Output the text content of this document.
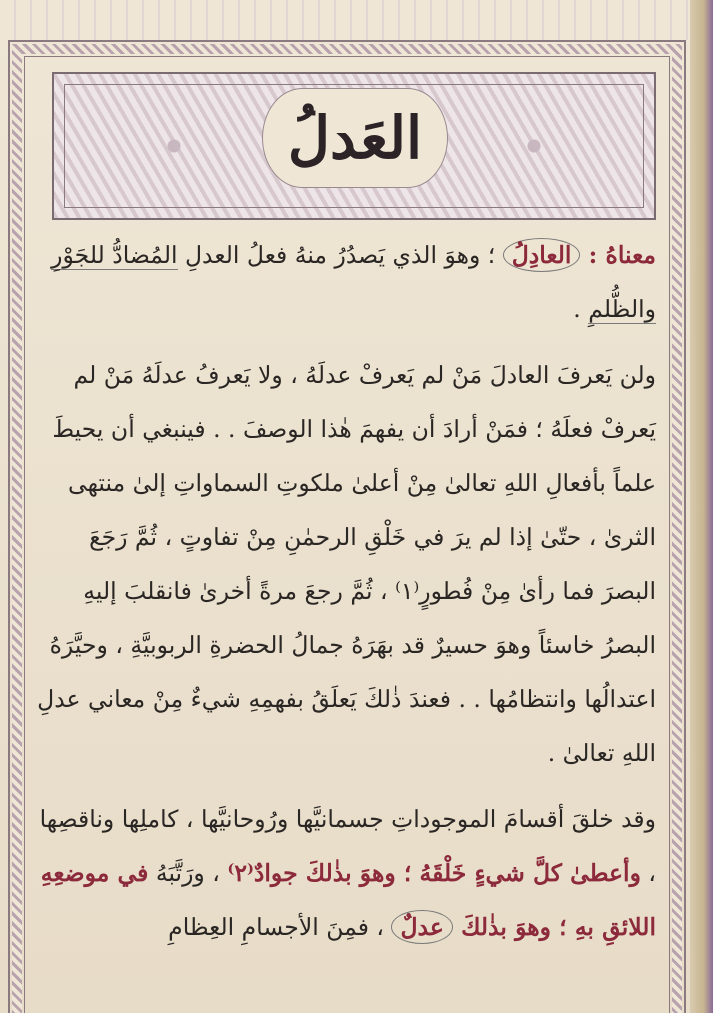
العَدلُ

معناهُ : العادِلُ ؛ وهوَ الذي يَصدُرُ منهُ فعلُ العدلِ المُضادُّ للجَوْرِ والظُّلمِ .

ولن يَعرفَ العادلَ مَنْ لم يَعرفْ عدلَهُ ، ولا يَعرفُ عدلَهُ مَنْ لم يَعرفْ فعلَهُ ؛ فمَنْ أرادَ أن يفهمَ هٰذا الوصفَ . . فينبغي أن يحيطَ علماً بأفعالِ اللهِ تعالىٰ مِنْ أعلىٰ ملكوتِ السماواتِ إلىٰ منتهى الثرىٰ ، حتّىٰ إذا لم يرَ في خَلْقِ الرحمٰنِ مِنْ تفاوتٍ ، ثُمَّ رَجَعَ البصرَ فما رأىٰ مِنْ فُطورٍ⁽١⁾ ، ثُمَّ رجعَ مرةً أخرىٰ فانقلبَ إليهِ البصرُ خاسئاً وهوَ حسيرٌ قد بهَرَهُ جمالُ الحضرةِ الربوبيَّةِ ، وحيَّرَهُ اعتدالُها وانتظامُها . . فعندَ ذٰلكَ يَعلَقُ بفهمِهِ شيءٌ مِنْ معاني عدلِ اللهِ تعالىٰ .

وقد خلقَ أقسامَ الموجوداتِ جسمانيَّها ورُوحانيَّها ، كاملِها وناقصِها ، وأعطىٰ كلَّ شيءٍ خَلْقَهُ ؛ وهوَ بذٰلكَ جوادٌ⁽٢⁾ ، ورَتَّبَهُ في موضعِهِ اللائقِ بهِ ؛ وهوَ بذٰلكَ عدلٌ ، فمِنَ الأجسامِ العِظامِ
